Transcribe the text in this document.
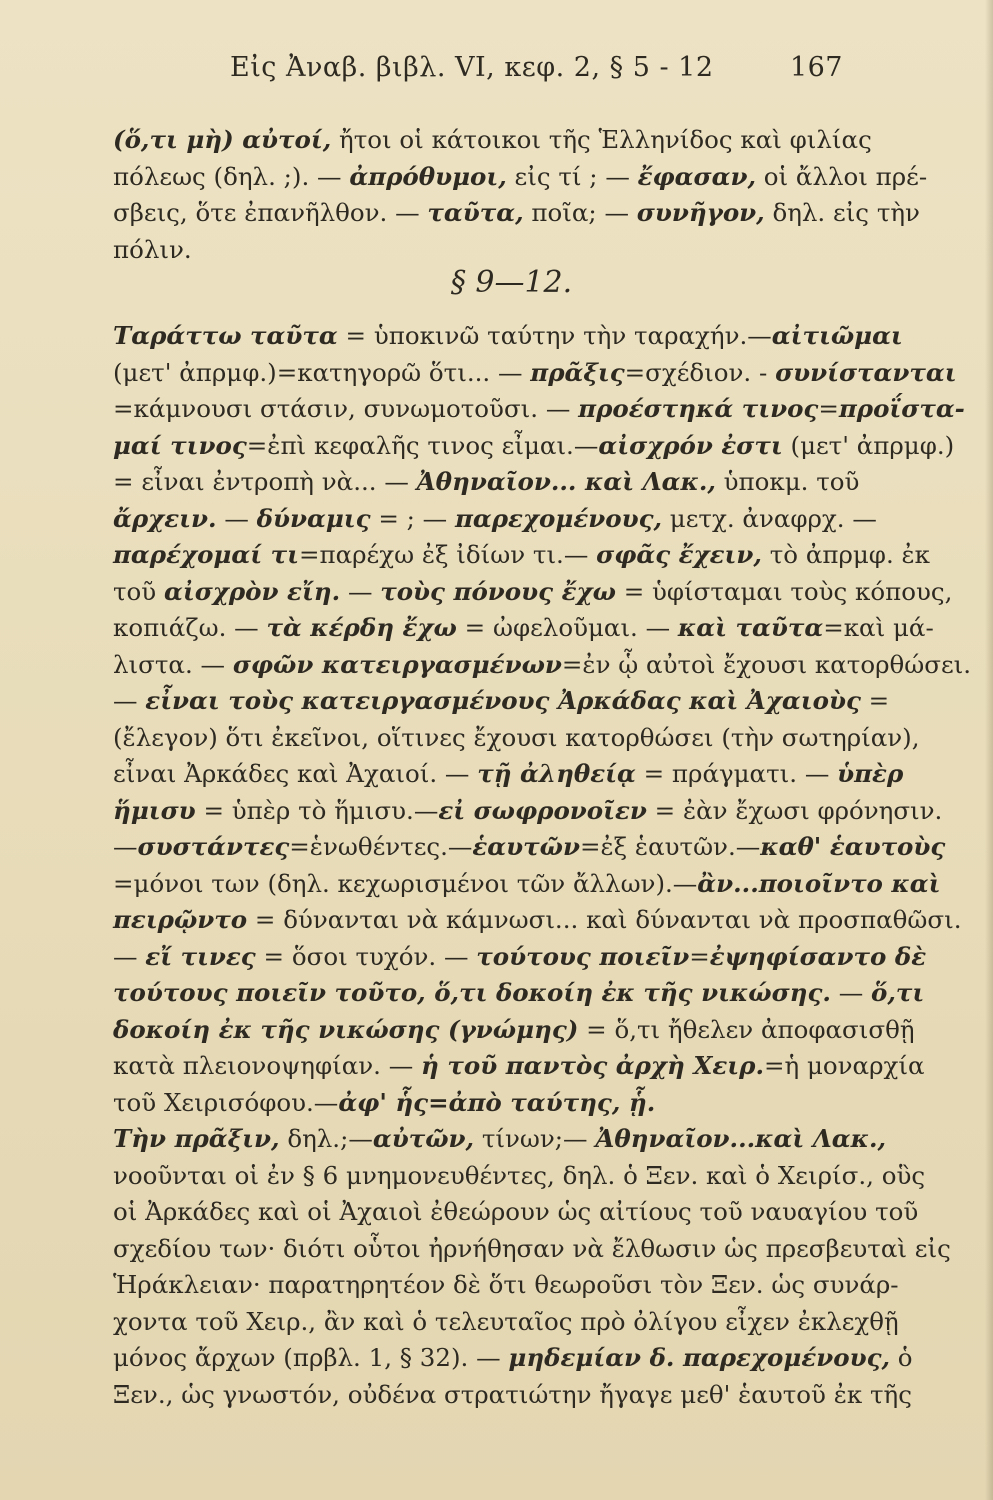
Εἰς Ἀναβ. βιβλ. VI, κεφ. 2, § 5 - 12	167
(ὅ,τι μὴ) αὐτοί, ἤτοι οἱ κάτοικοι τῆς Ἑλληνίδος καὶ φιλίας
πόλεως (δηλ. ;). — ἀπρόθυμοι, εἰς τί ; — ἔφασαν, οἱ ἄλλοι πρέ-
σβεις, ὅτε ἐπανῆλθον. — ταῦτα, ποῖα; — συνῆγον, δηλ. εἰς τὴν
πόλιν.
§ 9—12.
Ταράττω ταῦτα = ὑποκινῶ ταύτην τὴν ταραχήν.—αἰτιῶμαι
(μετ' ἀπρμφ.)=κατηγορῶ ὅτι... — πρᾶξις=σχέδιον. - συνίστανται
=κάμνουσι στάσιν, συνωμοτοῦσι. — προέστηκά τινος=προΐστα-
μαί τινος=ἐπὶ κεφαλῆς τινος εἶμαι.—αἰσχρόν ἐστι (μετ' ἀπρμφ.)
= εἶναι ἐντροπὴ νὰ... — Ἀθηναῖον... καὶ Λακ., ὑποκμ. τοῦ
ἄρχειν. — δύναμις = ; — παρεχομένους, μετχ. ἀναφρχ. —
παρέχομαί τι=παρέχω ἐξ ἰδίων τι.— σφᾶς ἔχειν, τὸ ἀπρμφ. ἐκ
τοῦ αἰσχρὸν εἴη. — τοὺς πόνους ἔχω = ὑφίσταμαι τοὺς κόπους,
κοπιάζω. — τὰ κέρδη ἔχω = ὠφελοῦμαι. — καὶ ταῦτα=καὶ μά-
λιστα. — σφῶν κατειργασμένων=ἐν ᾧ αὐτοὶ ἔχουσι κατορθώσει.
— εἶναι τοὺς κατειργασμένους Ἀρκάδας καὶ Ἀχαιοὺς =
(ἔλεγον) ὅτι ἐκεῖνοι, οἵτινες ἔχουσι κατορθώσει (τὴν σωτηρίαν),
εἶναι Ἀρκάδες καὶ Ἀχαιοί. — τῇ ἀληθείᾳ = πράγματι. — ὑπὲρ
ἥμισυ = ὑπὲρ τὸ ἥμισυ.—εἰ σωφρονοῖεν = ἐὰν ἔχωσι φρόνησιν.
—συστάντες=ἑνωθέντες.—ἑαυτῶν=ἐξ ἑαυτῶν.—καθ' ἑαυτοὺς
=μόνοι των (δηλ. κεχωρισμένοι τῶν ἄλλων).—ἂν...ποιοῖντο καὶ
πειρῷντο = δύνανται νὰ κάμνωσι... καὶ δύνανται νὰ προσπαθῶσι.
— εἴ τινες = ὅσοι τυχόν. — τούτους ποιεῖν=ἐψηφίσαντο δὲ
τούτους ποιεῖν τοῦτο, ὅ,τι δοκοίη ἐκ τῆς νικώσης. — ὅ,τι
δοκοίη ἐκ τῆς νικώσης (γνώμης) = ὅ,τι ἤθελεν ἀποφασισθῇ
κατὰ πλειονοψηφίαν. — ἡ τοῦ παντὸς ἀρχὴ Χειρ.=ἡ μοναρχία
τοῦ Χειρισόφου.—ἀφ' ἧς=ἀπὸ ταύτης, ᾗ.
Τὴν πρᾶξιν, δηλ.;—αὐτῶν, τίνων;— Ἀθηναῖον...καὶ Λακ.,
νοοῦνται οἱ ἐν § 6 μνημονευθέντες, δηλ. ὁ Ξεν. καὶ ὁ Χειρίσ., οὓς
οἱ Ἀρκάδες καὶ οἱ Ἀχαιοὶ ἐθεώρουν ὡς αἰτίους τοῦ ναυαγίου τοῦ
σχεδίου των· διότι οὗτοι ἠρνήθησαν νὰ ἔλθωσιν ὡς πρεσβευταὶ εἰς
Ἡράκλειαν· παρατηρητέον δὲ ὅτι θεωροῦσι τὸν Ξεν. ὡς συνάρ-
χοντα τοῦ Χειρ., ἂν καὶ ὁ τελευταῖος πρὸ ὀλίγου εἶχεν ἐκλεχθῇ
μόνος ἄρχων (πρβλ. 1, § 32). — μηδεμίαν δ. παρεχομένους, ὁ
Ξεν., ὡς γνωστόν, οὐδένα στρατιώτην ἤγαγε μεθ' ἑαυτοῦ ἐκ τῆς
